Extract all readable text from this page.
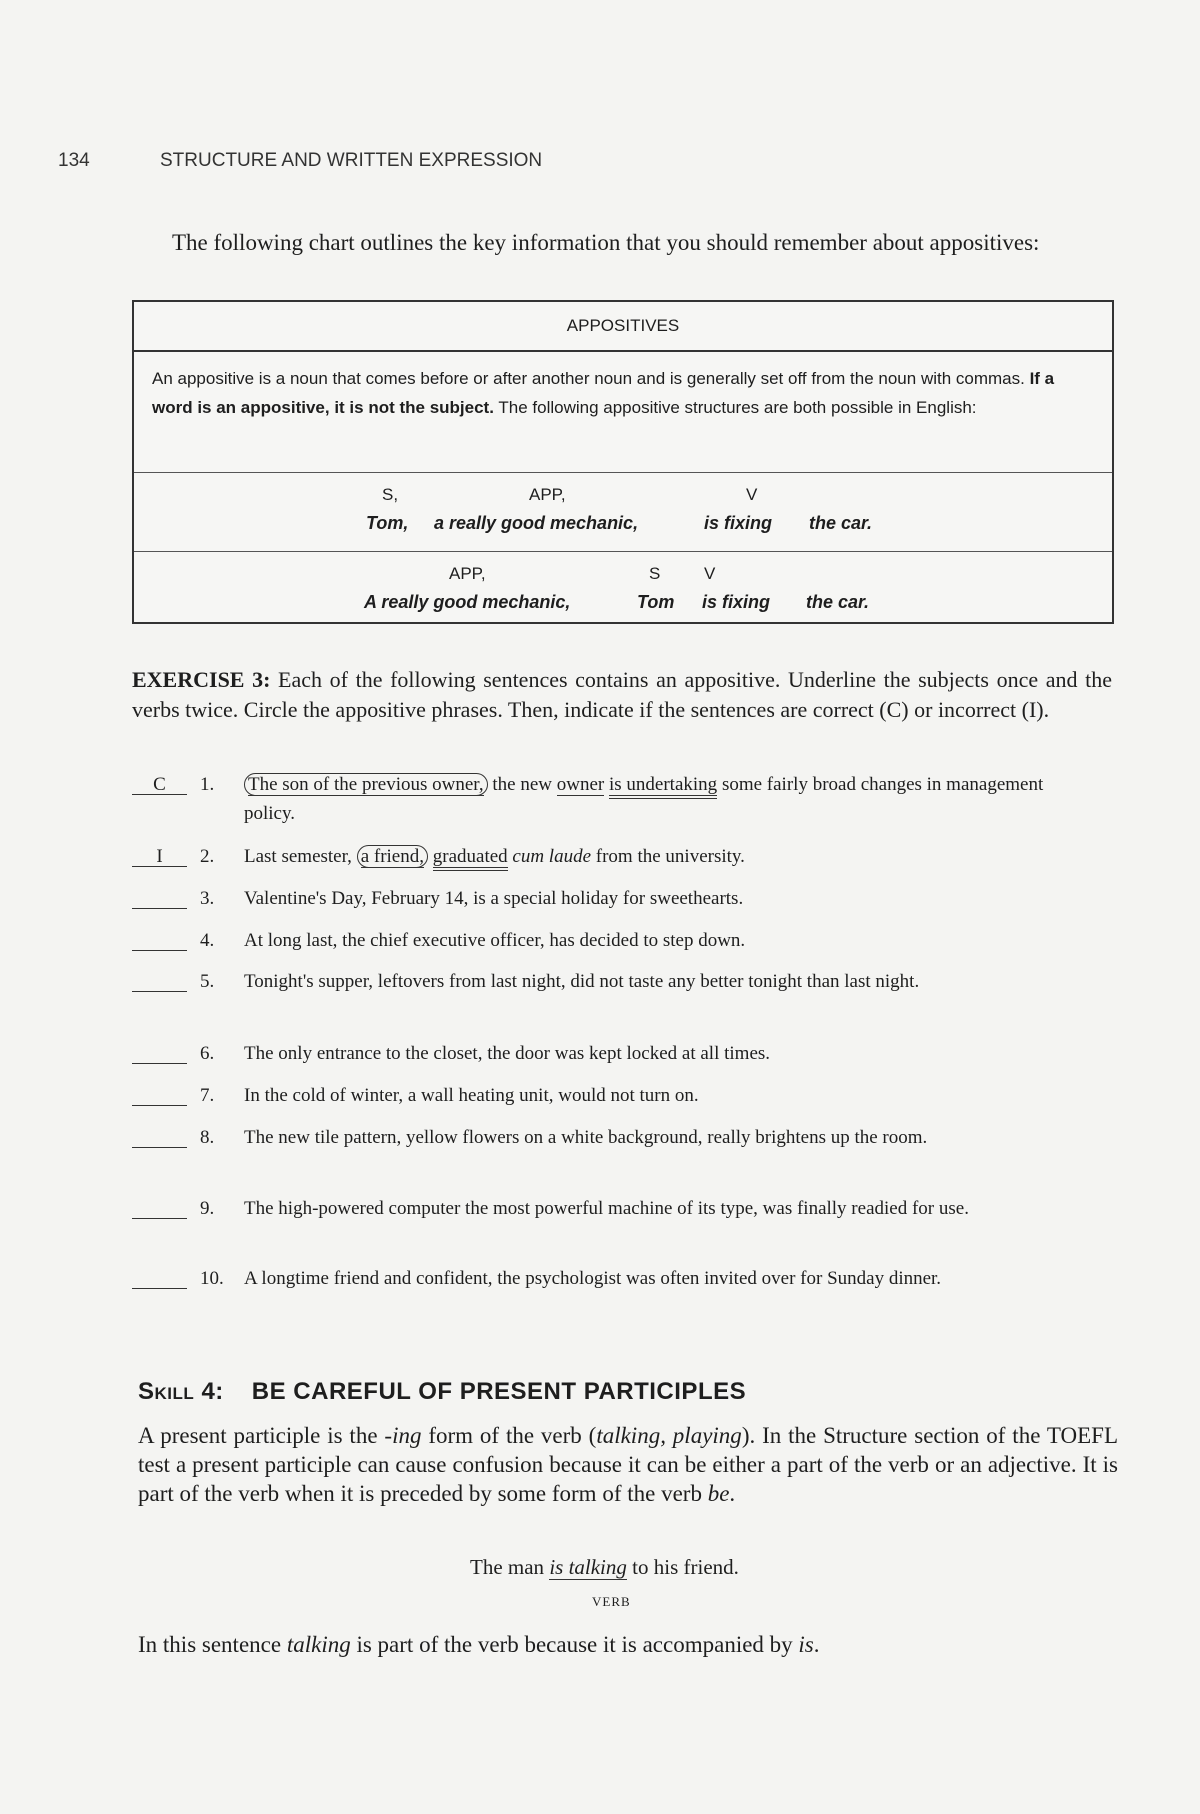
134	STRUCTURE AND WRITTEN EXPRESSION
The following chart outlines the key information that you should remember about appositives:
APPOSITIVES
An appositive is a noun that comes before or after another noun and is generally set off from the noun with commas. If a word is an appositive, it is not the subject. The following appositive structures are both possible in English:
S,	APP,	V
Tom, a really good mechanic,	is fixing the car.
APP,	S	V
A really good mechanic,	Tom is fixing the car.
EXERCISE 3: Each of the following sentences contains an appositive. Underline the subjects once and the verbs twice. Circle the appositive phrases. Then, indicate if the sentences are correct (C) or incorrect (I).
C	1.	The son of the previous owner, the new owner is undertaking some fairly broad changes in management policy.
I	2.	Last semester, a friend, graduated cum laude from the university.
3.	Valentine's Day, February 14, is a special holiday for sweethearts.
4.	At long last, the chief executive officer, has decided to step down.
5.	Tonight's supper, leftovers from last night, did not taste any better tonight than last night.
6.	The only entrance to the closet, the door was kept locked at all times.
7.	In the cold of winter, a wall heating unit, would not turn on.
8.	The new tile pattern, yellow flowers on a white background, really brightens up the room.
9.	The high-powered computer the most powerful machine of its type, was finally readied for use.
10.	A longtime friend and confident, the psychologist was often invited over for Sunday dinner.
Skill 4: BE CAREFUL OF PRESENT PARTICIPLES
A present participle is the -ing form of the verb (talking, playing). In the Structure section of the TOEFL test a present participle can cause confusion because it can be either a part of the verb or an adjective. It is part of the verb when it is preceded by some form of the verb be.
The man is talking to his friend.
VERB
In this sentence talking is part of the verb because it is accompanied by is.
